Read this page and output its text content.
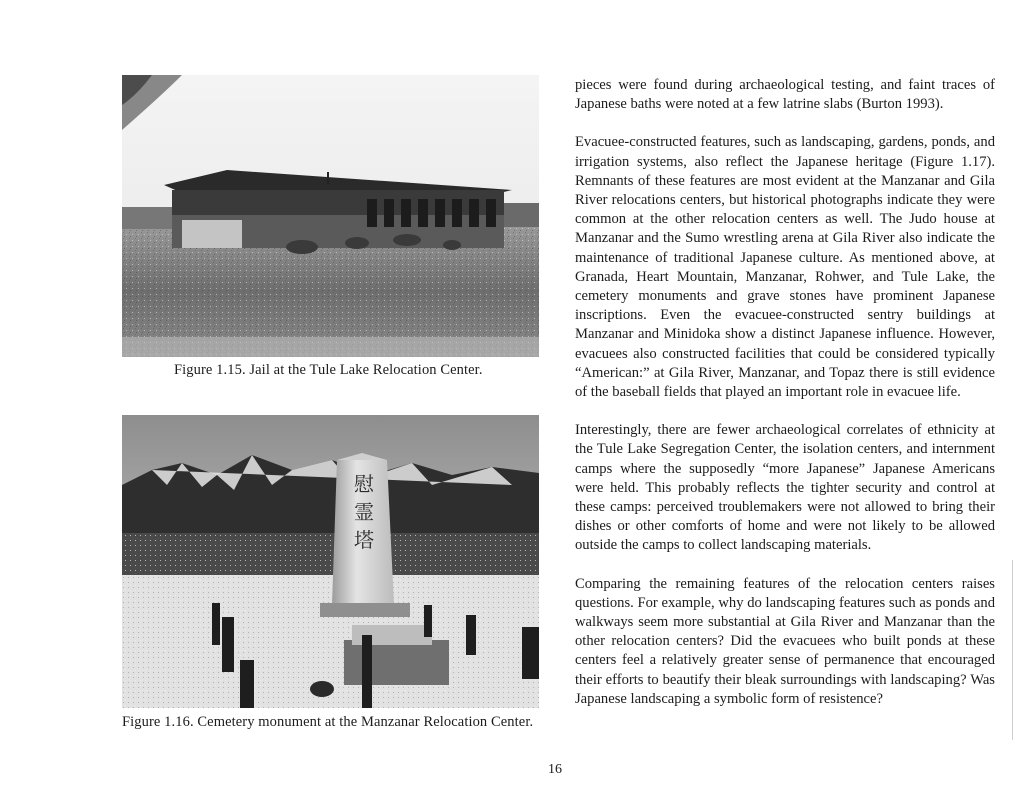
Figure 1.15. Jail at the Tule Lake Relocation Center.
慰霊塔
Figure 1.16. Cemetery monument at the Manzanar Relocation Center.

pieces were found during archaeological testing, and faint traces of Japanese baths were noted at a few latrine slabs (Burton 1993).

Evacuee-constructed features, such as landscaping, gardens, ponds, and irrigation systems, also reflect the Japanese heritage (Figure 1.17). Remnants of these features are most evident at the Manzanar and Gila River relocations centers, but historical photographs indicate they were common at the other relocation centers as well. The Judo house at Manzanar and the Sumo wrestling arena at Gila River also indicate the maintenance of traditional Japanese culture. As mentioned above, at Granada, Heart Mountain, Manzanar, Rohwer, and Tule Lake, the cemetery monuments and grave stones have prominent Japanese inscriptions. Even the evacuee-constructed sentry buildings at Manzanar and Minidoka show a distinct Japanese influence. However, evacuees also constructed facilities that could be considered typically “American:” at Gila River, Manzanar, and Topaz there is still evidence of the baseball fields that played an important role in evacuee life.

Interestingly, there are fewer archaeological correlates of ethnicity at the Tule Lake Segregation Center, the isolation centers, and internment camps where the supposedly “more Japanese” Japanese Americans were held. This probably reflects the tighter security and control at these camps: perceived troublemakers were not allowed to bring their dishes or other comforts of home and were not likely to be allowed outside the camps to collect landscaping materials.

Comparing the remaining features of the relocation centers raises questions. For example, why do landscaping features such as ponds and walkways seem more substantial at Gila River and Manzanar than the other relocation centers? Did the evacuees who built ponds at these centers feel a relatively greater sense of permanence that encouraged their efforts to beautify their bleak surroundings with landscaping? Was Japanese landscaping a symbolic form of resistence?

16
